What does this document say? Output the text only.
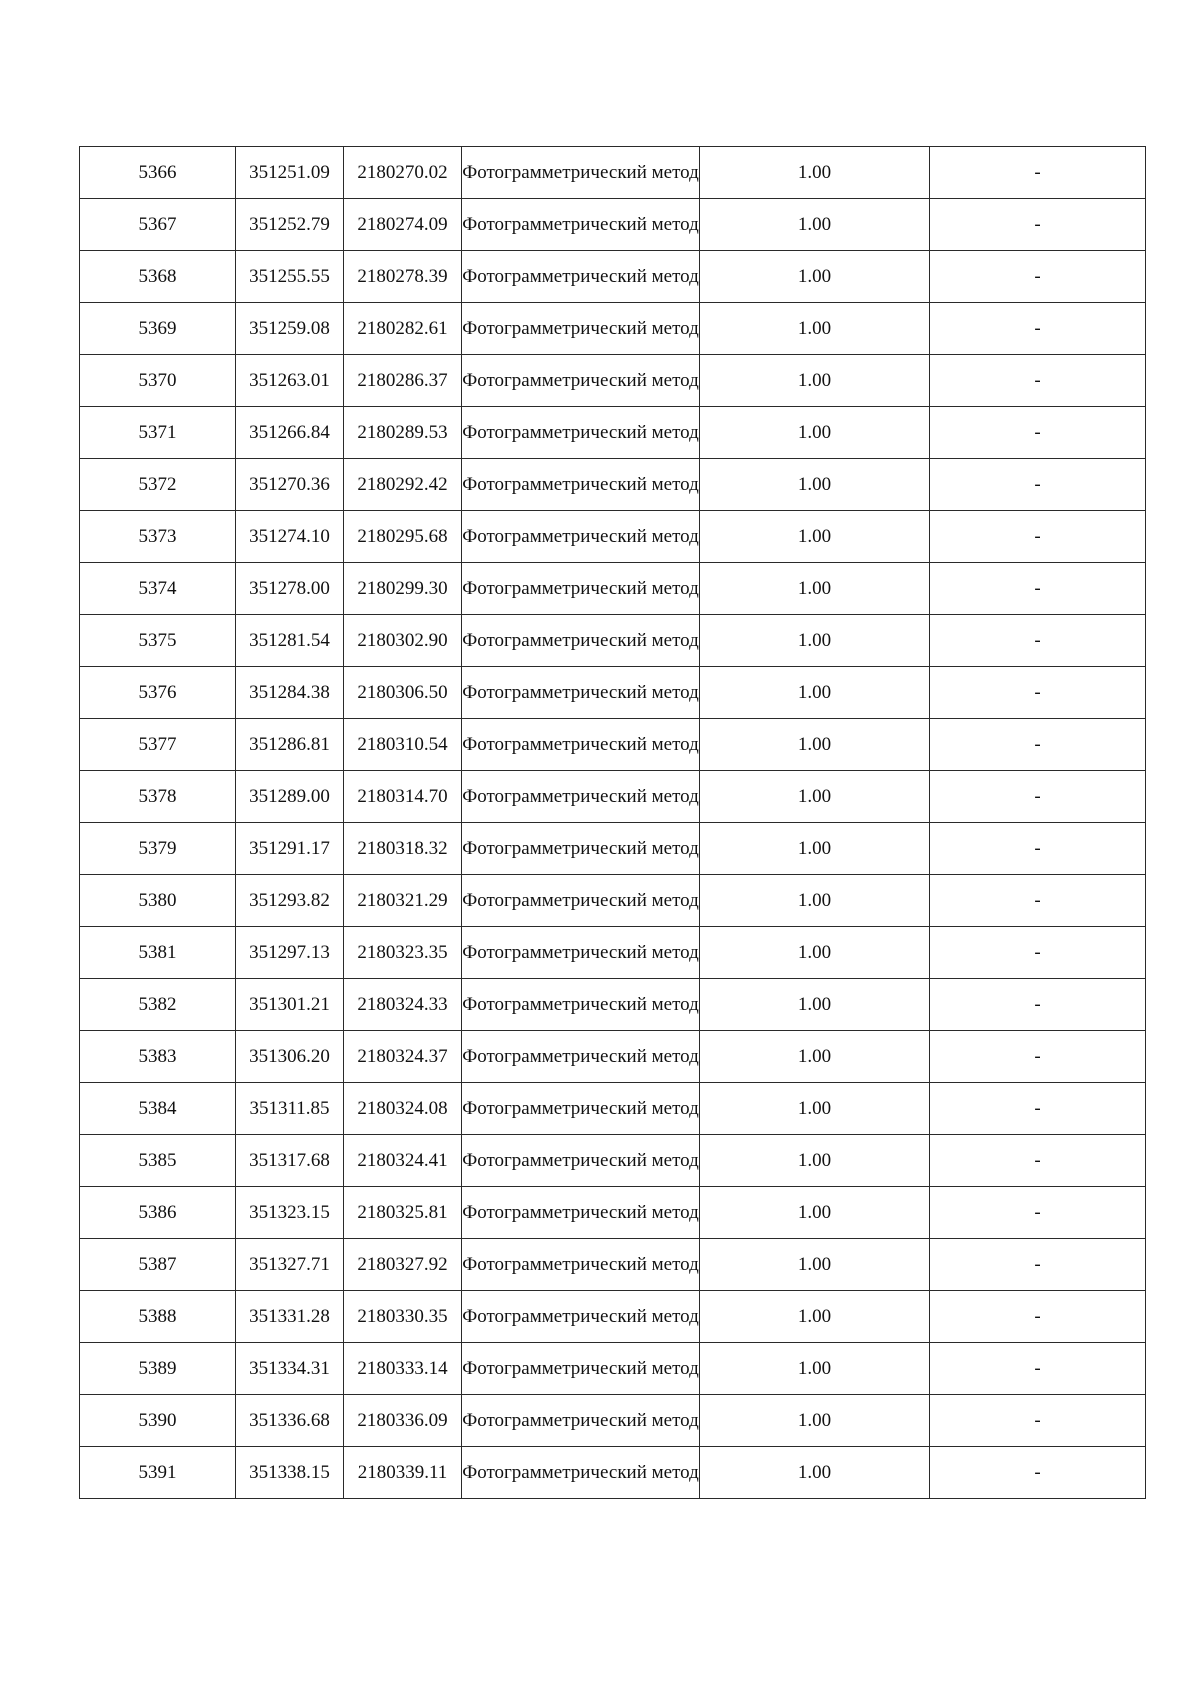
5366	351251.09	2180270.02	Фотограмметрический метод	1.00	-
5367	351252.79	2180274.09	Фотограмметрический метод	1.00	-
5368	351255.55	2180278.39	Фотограмметрический метод	1.00	-
5369	351259.08	2180282.61	Фотограмметрический метод	1.00	-
5370	351263.01	2180286.37	Фотограмметрический метод	1.00	-
5371	351266.84	2180289.53	Фотограмметрический метод	1.00	-
5372	351270.36	2180292.42	Фотограмметрический метод	1.00	-
5373	351274.10	2180295.68	Фотограмметрический метод	1.00	-
5374	351278.00	2180299.30	Фотограмметрический метод	1.00	-
5375	351281.54	2180302.90	Фотограмметрический метод	1.00	-
5376	351284.38	2180306.50	Фотограмметрический метод	1.00	-
5377	351286.81	2180310.54	Фотограмметрический метод	1.00	-
5378	351289.00	2180314.70	Фотограмметрический метод	1.00	-
5379	351291.17	2180318.32	Фотограмметрический метод	1.00	-
5380	351293.82	2180321.29	Фотограмметрический метод	1.00	-
5381	351297.13	2180323.35	Фотограмметрический метод	1.00	-
5382	351301.21	2180324.33	Фотограмметрический метод	1.00	-
5383	351306.20	2180324.37	Фотограмметрический метод	1.00	-
5384	351311.85	2180324.08	Фотограмметрический метод	1.00	-
5385	351317.68	2180324.41	Фотограмметрический метод	1.00	-
5386	351323.15	2180325.81	Фотограмметрический метод	1.00	-
5387	351327.71	2180327.92	Фотограмметрический метод	1.00	-
5388	351331.28	2180330.35	Фотограмметрический метод	1.00	-
5389	351334.31	2180333.14	Фотограмметрический метод	1.00	-
5390	351336.68	2180336.09	Фотограмметрический метод	1.00	-
5391	351338.15	2180339.11	Фотограмметрический метод	1.00	-
